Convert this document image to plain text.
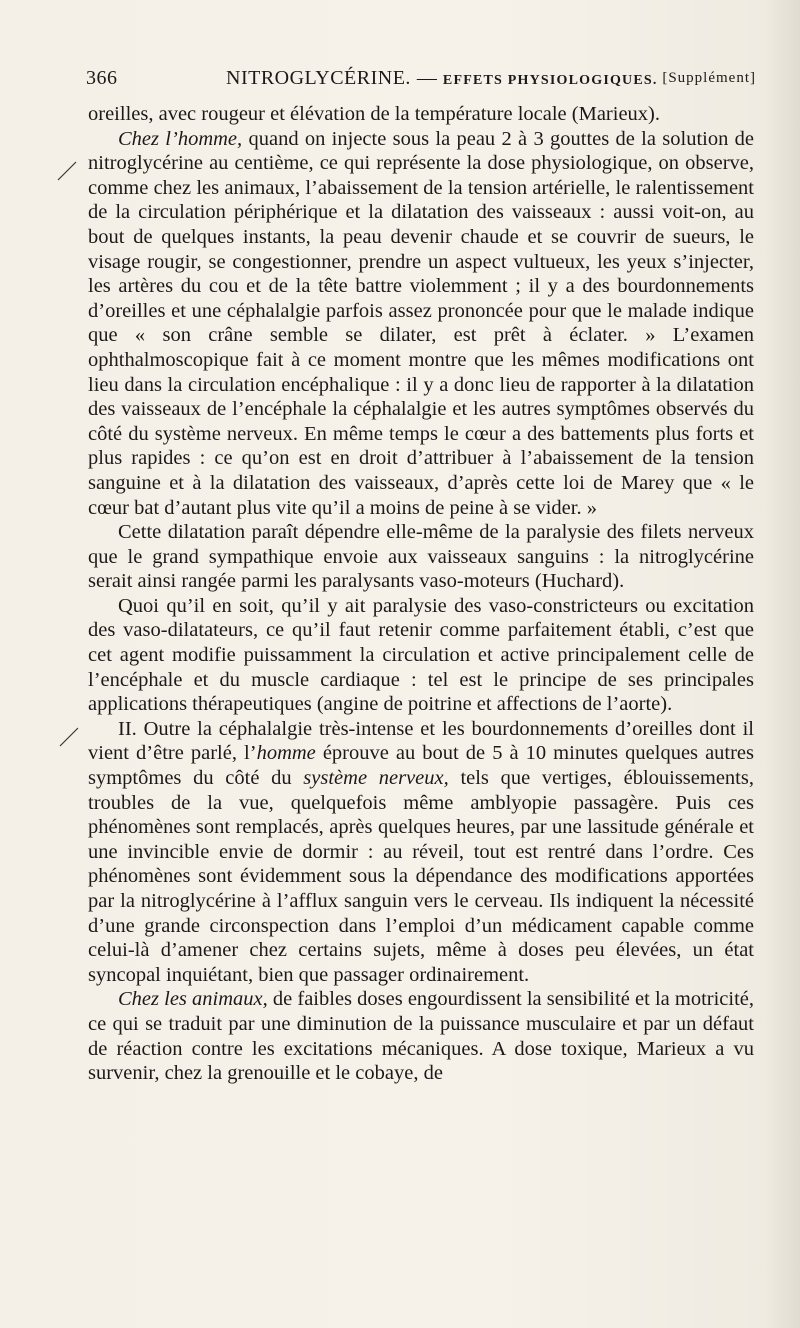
366	NITROGLYCÉRINE. — EFFETS PHYSIOLOGIQUES. [Supplément]

oreilles, avec rougeur et élévation de la température locale (Marieux).

Chez l’homme, quand on injecte sous la peau 2 à 3 gouttes de la solution de nitroglycérine au centième, ce qui représente la dose physiologique, on observe, comme chez les animaux, l’abaissement de la tension artérielle, le ralentissement de la circulation périphérique et la dilatation des vaisseaux : aussi voit-on, au bout de quelques instants, la peau devenir chaude et se couvrir de sueurs, le visage rougir, se congestionner, prendre un aspect vultueux, les yeux s’injecter, les artères du cou et de la tête battre violemment ; il y a des bourdonnements d’oreilles et une céphalalgie parfois assez prononcée pour que le malade indique que « son crâne semble se dilater, est prêt à éclater. » L’examen ophthalmoscopique fait à ce moment montre que les mêmes modifications ont lieu dans la circulation encéphalique : il y a donc lieu de rapporter à la dilatation des vaisseaux de l’encéphale la céphalalgie et les autres symptômes observés du côté du système nerveux. En même temps le cœur a des battements plus forts et plus rapides : ce qu’on est en droit d’attribuer à l’abaissement de la tension sanguine et à la dilatation des vaisseaux, d’après cette loi de Marey que « le cœur bat d’autant plus vite qu’il a moins de peine à se vider. »

Cette dilatation paraît dépendre elle-même de la paralysie des filets nerveux que le grand sympathique envoie aux vaisseaux sanguins : la nitroglycérine serait ainsi rangée parmi les paralysants vaso-moteurs (Huchard).

Quoi qu’il en soit, qu’il y ait paralysie des vaso-constricteurs ou excitation des vaso-dilatateurs, ce qu’il faut retenir comme parfaitement établi, c’est que cet agent modifie puissamment la circulation et active principalement celle de l’encéphale et du muscle cardiaque : tel est le principe de ses principales applications thérapeutiques (angine de poitrine et affections de l’aorte).

II. Outre la céphalalgie très-intense et les bourdonnements d’oreilles dont il vient d’être parlé, l’homme éprouve au bout de 5 à 10 minutes quelques autres symptômes du côté du système nerveux, tels que vertiges, éblouissements, troubles de la vue, quelquefois même amblyopie passagère. Puis ces phénomènes sont remplacés, après quelques heures, par une lassitude générale et une invincible envie de dormir : au réveil, tout est rentré dans l’ordre. Ces phénomènes sont évidemment sous la dépendance des modifications apportées par la nitroglycérine à l’afflux sanguin vers le cerveau. Ils indiquent la nécessité d’une grande circonspection dans l’emploi d’un médicament capable comme celui-là d’amener chez certains sujets, même à doses peu élevées, un état syncopal inquiétant, bien que passager ordinairement.

Chez les animaux, de faibles doses engourdissent la sensibilité et la motricité, ce qui se traduit par une diminution de la puissance musculaire et par un défaut de réaction contre les excitations mécaniques. A dose toxique, Marieux a vu survenir, chez la grenouille et le cobaye, de
